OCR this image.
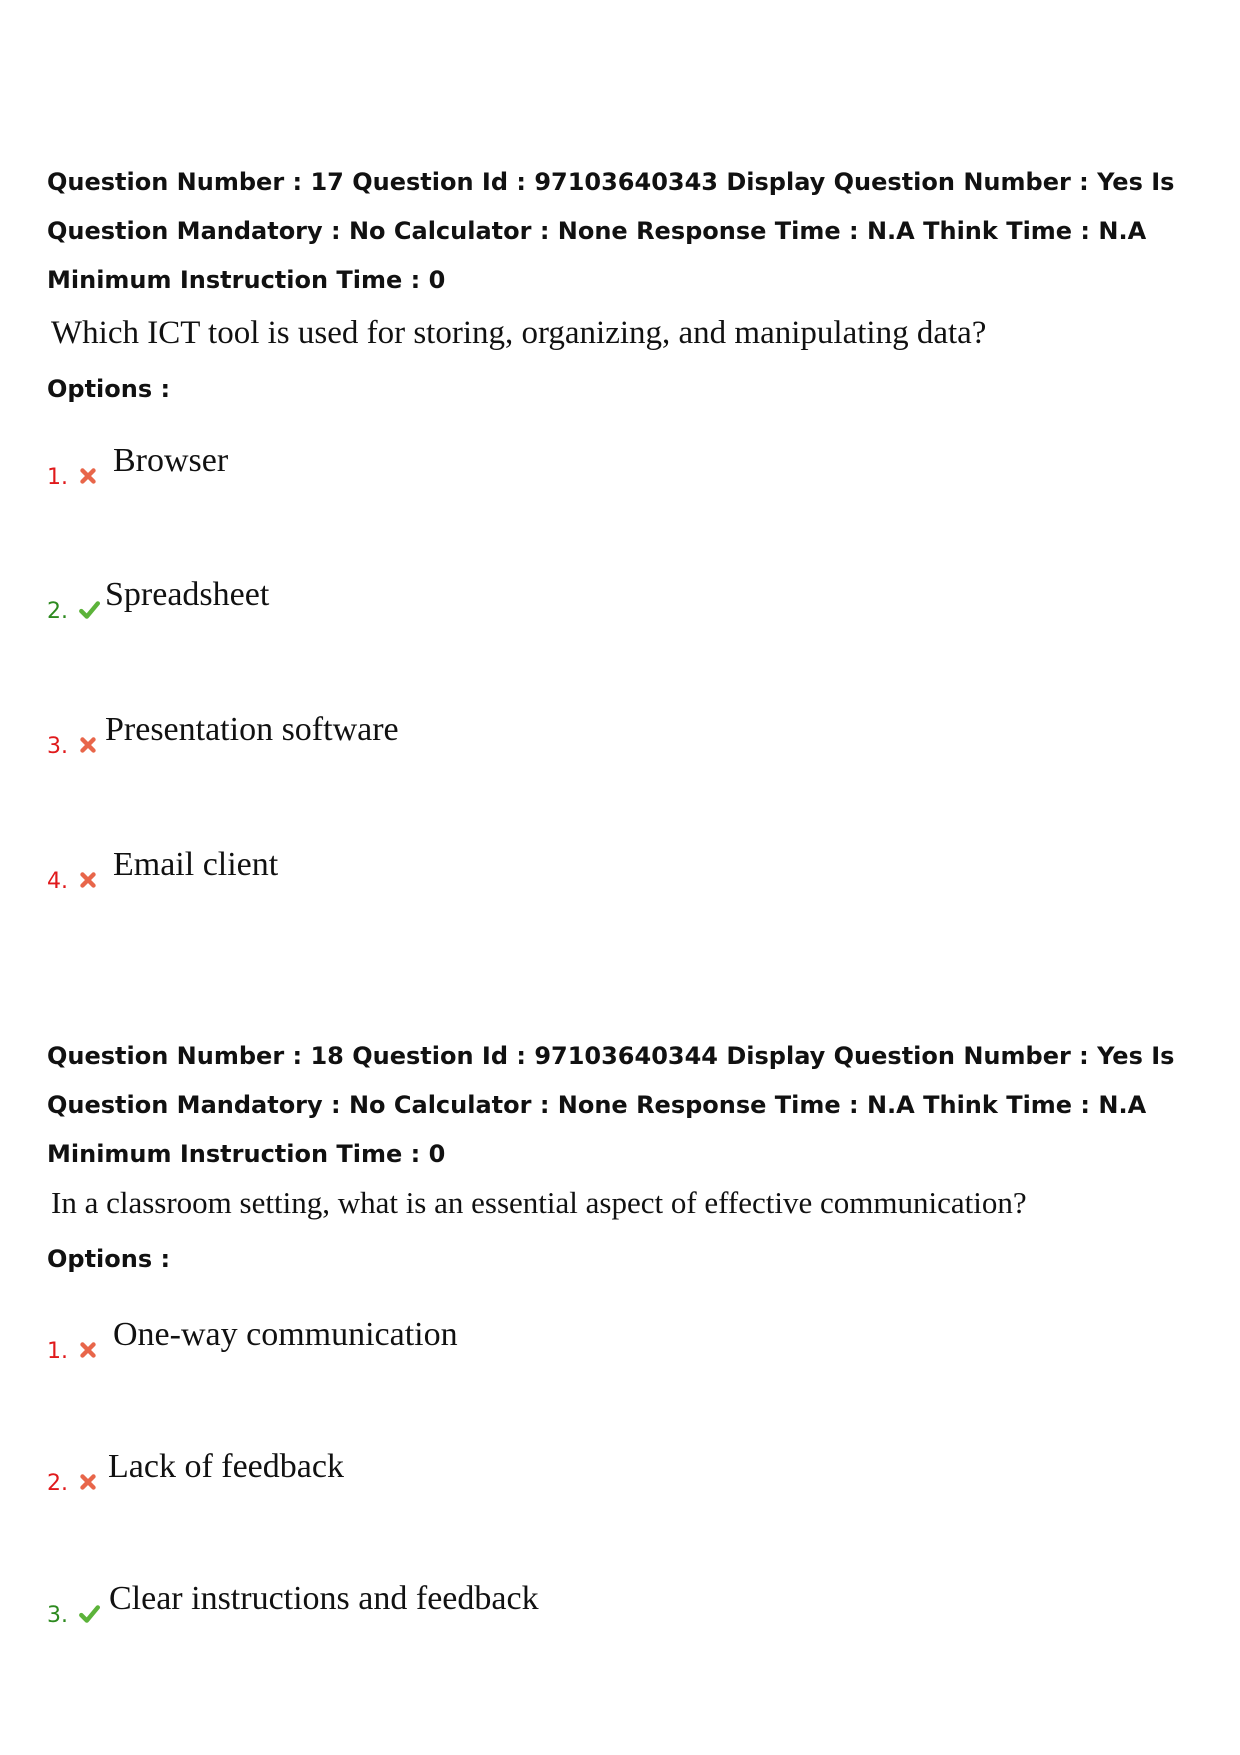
Question Number : 17 Question Id : 97103640343 Display Question Number : Yes Is Question Mandatory : No Calculator : None Response Time : N.A Think Time : N.A Minimum Instruction Time : 0

Which ICT tool is used for storing, organizing, and manipulating data?

Options :

1. Browser
2. Spreadsheet
3. Presentation software
4. Email client

Question Number : 18 Question Id : 97103640344 Display Question Number : Yes Is Question Mandatory : No Calculator : None Response Time : N.A Think Time : N.A Minimum Instruction Time : 0

In a classroom setting, what is an essential aspect of effective communication?

Options :

1. One-way communication
2. Lack of feedback
3. Clear instructions and feedback
